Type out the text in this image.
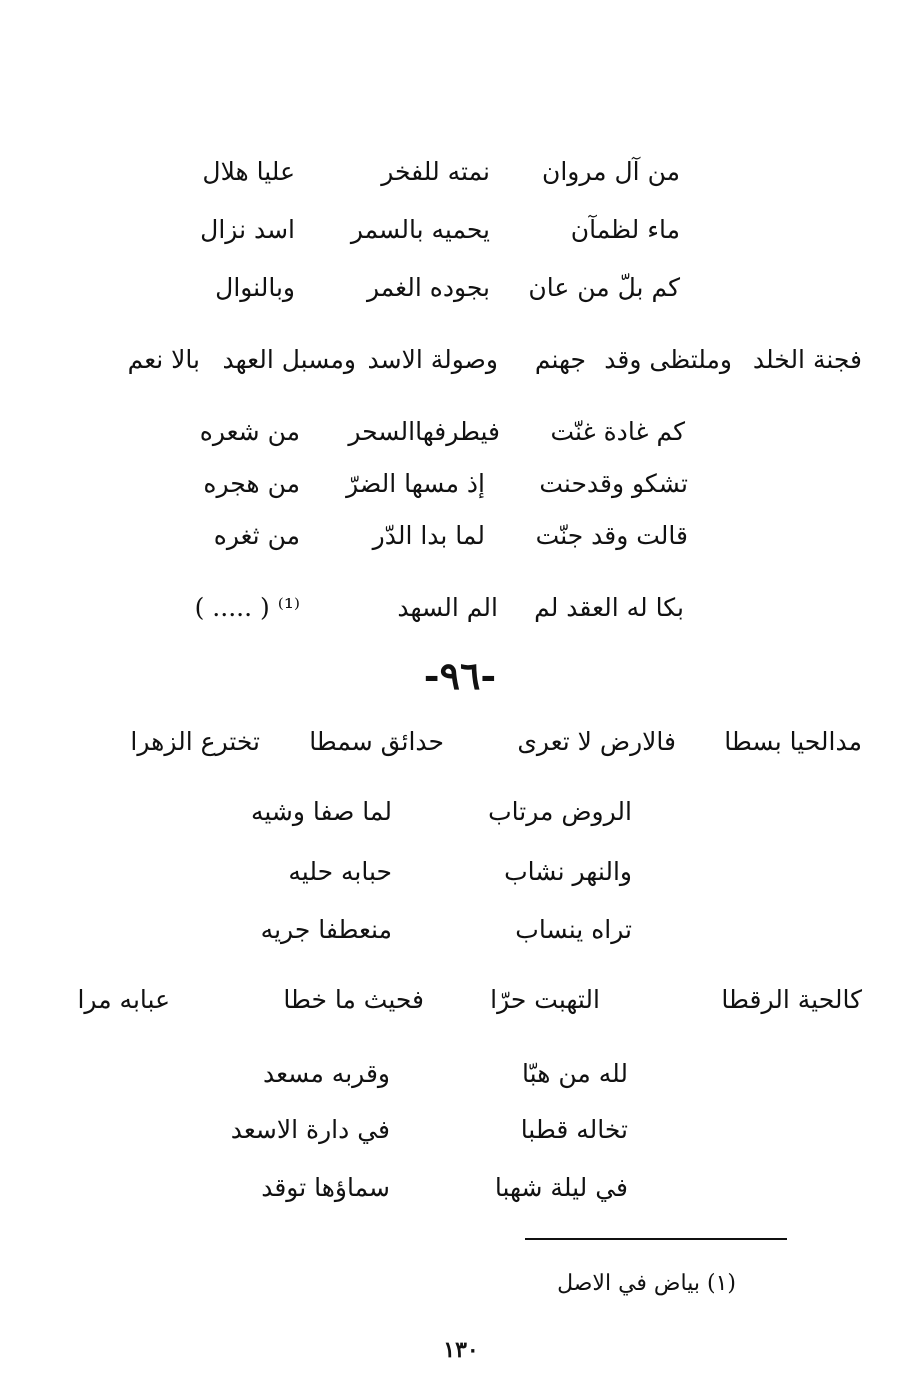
من آل مروان
نمته للفخر
عليا هلال
ماء لظمآن
يحميه بالسمر
اسد نزال
كم بلّ من عان
بجوده الغمر
وبالنوال
فجنة الخلد
وملتظى وقد
جهنم
وصولة الاسد
ومسبل العهد
بالا نعم
كم غادة غنّت
فيطرفهاالسحر
من شعره
تشكو وقدحنت
إذ مسها الضرّ
من هجره
قالت وقد جنّت
لما بدا الدّر
من ثغره
بكا له العقد لم
الم السهد
( ..... ) ⁽¹⁾
-٩٦-
مدالحيا بسطا
فالارض لا تعرى
حدائق سمطا
تخترع الزهرا
الروض مرتاب
لما صفا وشيه
والنهر نشاب
حبابه حليه
تراه ينساب
منعطفا جريه
كالحية الرقطا
التهبت حرّا
فحيث ما خطا
عبابه مرا
لله من هبّا
وقربه مسعد
تخاله قطبا
في دارة الاسعد
في ليلة شهبا
سماؤها توقد
(١) بياض في الاصل
١٣٠
